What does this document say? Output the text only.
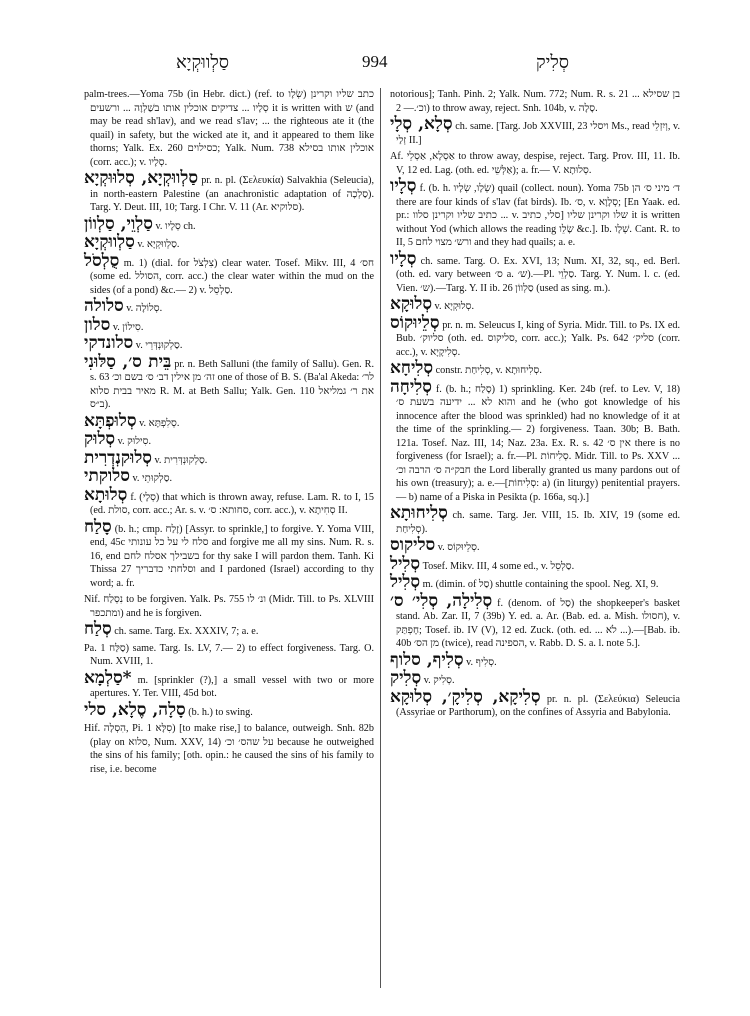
סַלְווּקְיָא	994	סְלִיק
palm-trees.—Yoma 75b (in Hebr. dict.) (ref. to שְׂלָו) כתב שליו וקרינן סְלָיו ... צדיקים אוכלין אותו בשַׁלְוָה ... ורשעים it is written with ש (and may be read sh'lav), and we read s'lav; ... the righteous ate it (the quail) in safety, but the wicked ate it, and it appeared to them like thorns; Yalk. Ex. 260 כסילוים; Yalk. Num. 738 אוכלין אותו בסילא (corr. acc.); v. סְלָיו.
סַלְווּקְיָא, סְלוּוּקְיָא pr. n. pl. (Σελευκία) Salvakhia (Seleucia), in north-eastern Palestine (an anachronistic adaptation of סַלְכָה). Targ. Y. Deut. III, 10; Targ. I Chr. V. 11 (Ar. סלוקיא).
סַלְוֵי, סַלְווֹן v. סְלָיו ch.
סַלְווּקְיָא v. סַלְווּקְיָא.
סֻלְסֹל m. 1) (dial. for צִלְצֹל) clear water. Tosef. Mikv. III, 4 חס׳ (some ed. הסולל, corr. acc.) the clear water within the mud on the sides (of a pond) &c.— 2) v. סַלְסֵל.
סלולה v. סְלוֹלָה.
סלון v. סִילוֹן.
סלונדקי v. סַלְקוּנְדְּרֵי.
בֵּית ס׳, סַלּוּנִי pr. n. Beth Salluni (the family of Sallu). Gen. R. s. 63 זה׳ מן אילין דב׳ ס׳ בשם וכ׳ one of those of B. S. (Ba'al Akeda: לר׳ מאיר בבית סלוא R. M. at Beth Sallu; Yalk. Gen. 110 את ר׳ גמליאל ב״ס).
סְלוּפְתָּא v. סְלִפְתָּא.
סְלוּק v. סִילוּק.
סְלוּקנְדְרִית v. סַלְקוּנְדְּרִית.
סלוקתי v. סַלְקוּתֵי.
סְלוּתָא f. (סְלָי) that which is thrown away, refuse. Lam. R. to I, 15 (ed. סולת, corr. acc.; Ar. s. v. סחותא: ס׳, corr. acc.), v. סְחִיתָא II.
סָלַח (b. h.; cmp. זָלַח) [Assyr. to sprinkle,] to forgive. Y. Yoma VIII, end, 45c סלח לי על כל עונותי and forgive me all my sins. Num. R. s. 16, end בשבילך אסלח לחם for thy sake I will pardon them. Tanh. Ki Thissa 27 וסלחתי כדבריך and I pardoned (Israel) according to thy word; a. fr.
Nif. נִסְלַח to be forgiven. Yalk. Ps. 755 ונ׳ לו (Midr. Till. to Ps. XLVIII ומתכפר) and he is forgiven.
סְלַח ch. same. Targ. Ex. XXXIV, 7; a. e.
Pa. סַלַּח 1) same. Targ. Is. LV, 7.— 2) to effect forgiveness. Targ. O. Num. XVIII, 1.
*סַלְמָא m. [sprinkler (?),] a small vessel with two or more apertures. Y. Ter. VIII, 45d bot.
סָלָה, סֶלָא, סלי (b. h.) to swing.
Hif. הִסְלָה, Pi. סִלָּא 1) [to make rise,] to balance, outweigh. Snh. 82b (play on סלוא, Num. XXV, 14) על שהס׳ וכ׳ because he outweighed the sins of his family; [oth. opin.: he caused the sins of his family to rise, i.e. become
notorious]; Tanh. Pinh. 2; Yalk. Num. 772; Num. R. s. 21 ... בן שסילא וכ׳.— 2) to throw away, reject. Snh. 104b, v. סָלָה.
סְלָא, סְלָי ch. same. [Targ. Job XXVIII, 23 ויסלי Ms., read וְיִזְלֵי, v. זְלַי II.]
Af. אַסְלָא, אַסְלֵי to throw away, despise, reject. Targ. Prov. III, 11. Ib. V, 12 ed. Lag. (oth. ed. אַלְּשֵׁי); a. fr.— V. סְלוּתָא.
סְלָיו f. (b. h. שְׂלָו, שְׂלָיו) quail (collect. noun). Yoma 75b ד׳ מיני ס׳ הן there are four kinds of s'lav (fat birds). Ib. ס׳, v. סְלָוָא; [En Yaak. ed. pr.: כתיב שליו וקרינן סלוו ... v. סלי, כתיב] שלו וקרינן שליו it is written without Yod (which allows the reading שָׂלֵו &c.]. Ib. שְׁלָו. Cant. R. to II, 5 ורש׳ מצוי לחם and they had quails; a. e.
סְלָיו ch. same. Targ. O. Ex. XVI, 13; Num. XI, 32, sq., ed. Berl. (oth. ed. vary between ס׳ a. ש׳).—Pl. סַלְוֵי. Targ. Y. Num. l. c. (ed. Vien. ש׳).—Targ. Y. II ib. 26 סַלְווֹן (used as sing. m.).
סְלוּקָא v. סְלוּקְיָא.
סְלֵיוּקוֹס pr. n. m. Seleucus I, king of Syria. Midr. Till. to Ps. IX ed. Bub. סליוק׳ (oth. ed. סליקוס, corr. acc.); Yalk. Ps. 642 סליק׳ (corr. acc.), v. סְלִיקָיָא.
סְלִיחָא constr. סְלִיחַת, v. סְלִיחוּתָא.
סְלִיחָה f. (b. h.; סָלַח) 1) sprinkling. Ker. 24b (ref. to Lev. V, 18) והוא לא ... ידיעה בשעת ס׳ and he (who got knowledge of his innocence after the blood was sprinkled) had no knowledge of it at the time of the sprinkling.— 2) forgiveness. Taan. 30b; B. Bath. 121a. Tosef. Naz. III, 14; Naz. 23a. Ex. R. s. 42 אין ס׳ there is no forgiveness (for Israel); a. fr.—Pl. סְלִיחוֹת. Midr. Till. to Ps. XXV ... חבק״ה ס׳ הרבה וכ׳ the Lord liberally granted us many pardons out of his own (treasury); a. e.—[סְלִיחוֹת: a) (in liturgy) penitential prayers.— b) name of a Piska in Pesikta (p. 166a, sq.).]
סְלִיחוּתָא ch. same. Targ. Jer. VIII, 15. Ib. XIV, 19 (some ed. סְלִיחַת).
סליקוס v. סְלֵיוּקוֹס.
סְלִיל Tosef. Mikv. III, 4 some ed., v. סַלְסֵל.
סְלִיל m. (dimin. of סַל) shuttle containing the spool. Neg. XI, 9.
סְלִילָה, סְלִי׳ ס׳ f. (denom. of סַל) the shopkeeper's basket stand. Ab. Zar. II, 7 (39b) Y. ed. a. Ar. (Bab. ed. a. Mish. חסולו), v. חָפְתַּק; Tosef. ib. IV (V), 12 ed. Zuck. (oth. ed. ... לֹא ...).—[Bab. ib. 40b מן הס׳ (twice), read הספינה, v. Rabb. D. S. a. l. note 5.].
סְלִיף, סלוף v. סְלִיף.
סְלִיק v. סְלִיק.
סְלִיקָא, סְלִיקָ׳, סְלוּקָא pr. n. pl. (Σελεύκια) Seleucia (Assyriae or Parthorum), on the confines of Assyria and Babylonia.
